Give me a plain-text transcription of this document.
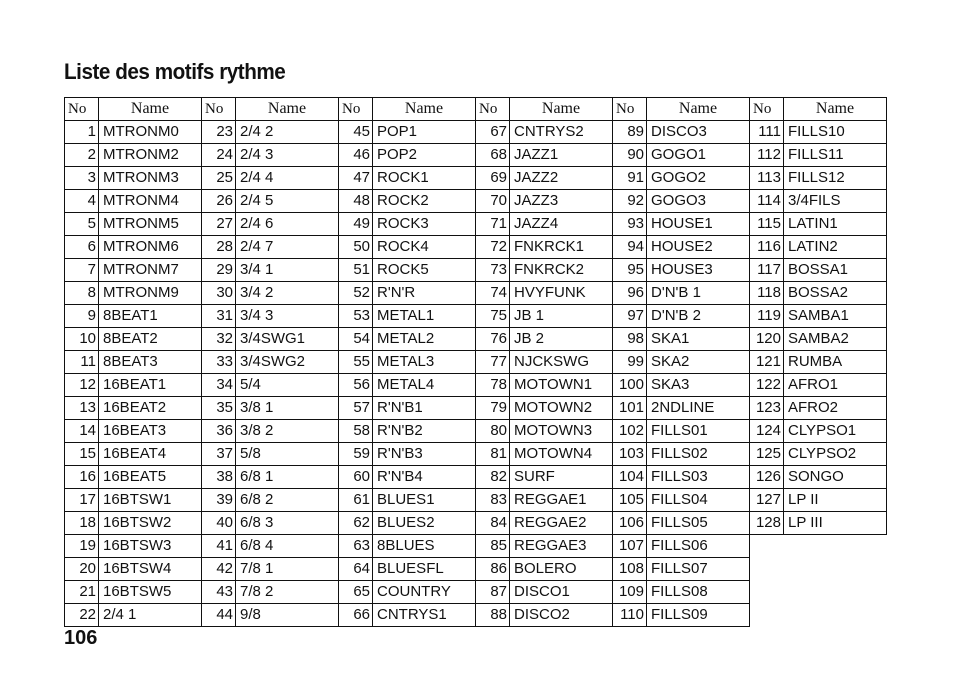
Liste des motifs rythme
No	Name	No	Name	No	Name	No	Name	No	Name	No	Name
1	MTRONM0	23	2/4 2	45	POP1	67	CNTRYS2	89	DISCO3	111	FILLS10
2	MTRONM2	24	2/4 3	46	POP2	68	JAZZ1	90	GOGO1	112	FILLS11
3	MTRONM3	25	2/4 4	47	ROCK1	69	JAZZ2	91	GOGO2	113	FILLS12
4	MTRONM4	26	2/4 5	48	ROCK2	70	JAZZ3	92	GOGO3	114	3/4FILS
5	MTRONM5	27	2/4 6	49	ROCK3	71	JAZZ4	93	HOUSE1	115	LATIN1
6	MTRONM6	28	2/4 7	50	ROCK4	72	FNKRCK1	94	HOUSE2	116	LATIN2
7	MTRONM7	29	3/4 1	51	ROCK5	73	FNKRCK2	95	HOUSE3	117	BOSSA1
8	MTRONM9	30	3/4 2	52	R'N'R	74	HVYFUNK	96	D'N'B 1	118	BOSSA2
9	8BEAT1	31	3/4 3	53	METAL1	75	JB 1	97	D'N'B 2	119	SAMBA1
10	8BEAT2	32	3/4SWG1	54	METAL2	76	JB 2	98	SKA1	120	SAMBA2
11	8BEAT3	33	3/4SWG2	55	METAL3	77	NJCKSWG	99	SKA2	121	RUMBA
12	16BEAT1	34	5/4	56	METAL4	78	MOTOWN1	100	SKA3	122	AFRO1
13	16BEAT2	35	3/8 1	57	R'N'B1	79	MOTOWN2	101	2NDLINE	123	AFRO2
14	16BEAT3	36	3/8 2	58	R'N'B2	80	MOTOWN3	102	FILLS01	124	CLYPSO1
15	16BEAT4	37	5/8	59	R'N'B3	81	MOTOWN4	103	FILLS02	125	CLYPSO2
16	16BEAT5	38	6/8 1	60	R'N'B4	82	SURF	104	FILLS03	126	SONGO
17	16BTSW1	39	6/8 2	61	BLUES1	83	REGGAE1	105	FILLS04	127	LP II
18	16BTSW2	40	6/8 3	62	BLUES2	84	REGGAE2	106	FILLS05	128	LP III
19	16BTSW3	41	6/8 4	63	8BLUES	85	REGGAE3	107	FILLS06		
20	16BTSW4	42	7/8 1	64	BLUESFL	86	BOLERO	108	FILLS07		
21	16BTSW5	43	7/8 2	65	COUNTRY	87	DISCO1	109	FILLS08		
22	2/4 1	44	9/8	66	CNTRYS1	88	DISCO2	110	FILLS09		
106
